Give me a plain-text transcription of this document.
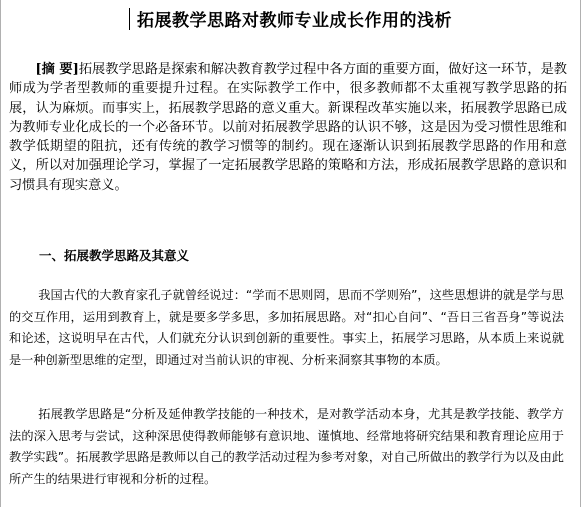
拓展教学思路对教师专业成长作用的浅析

[摘 要]拓展教学思路是探索和解决教育教学过程中各方面的重要方面，做好这一环节，是教师成为学者型教师的重要提升过程。在实际教学工作中，很多教师都不太重视写教学思路的拓展，认为麻烦。而事实上，拓展教学思路的意义重大。新课程改革实施以来，拓展教学思路已成为教师专业化成长的一个必备环节。以前对拓展教学思路的认识不够，这是因为受习惯性思维和教学低期望的阻抗，还有传统的教学习惯等的制约。现在逐渐认识到拓展教学思路的作用和意义，所以对加强理论学习，掌握了一定拓展教学思路的策略和方法，形成拓展教学思路的意识和习惯具有现实意义。

一、拓展教学思路及其意义

我国古代的大教育家孔子就曾经说过：“学而不思则罔，思而不学则殆”，这些思想讲的就是学与思的交互作用，运用到教育上，就是要多学多思，多加拓展思路。对“扣心自问”、“吾日三省吾身”等说法和论述，这说明早在古代，人们就充分认识到创新的重要性。事实上，拓展学习思路，从本质上来说就是一种创新型思维的定型，即通过对当前认识的审视、分析来洞察其事物的本质。

拓展教学思路是“分析及延伸教学技能的一种技术，是对教学活动本身，尤其是教学技能、教学方法的深入思考与尝试，这种深思使得教师能够有意识地、谨慎地、经常地将研究结果和教育理论应用于教学实践”。拓展教学思路是教师以自己的教学活动过程为参考对象，对自己所做出的教学行为以及由此所产生的结果进行审视和分析的过程。
